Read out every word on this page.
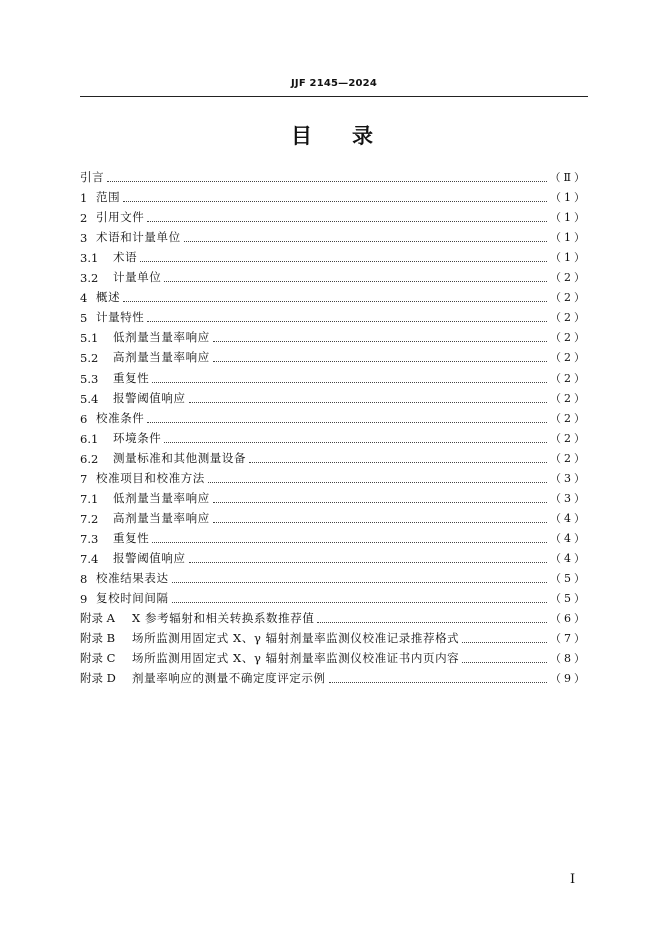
JJF 2145—2024
目 录
引言	（Ⅱ）
1 范围	（1）
2 引用文件	（1）
3 术语和计量单位	（1）
3.1	术语	（1）
3.2	计量单位	（2）
4 概述	（2）
5 计量特性	（2）
5.1	低剂量当量率响应	（2）
5.2	高剂量当量率响应	（2）
5.3	重复性	（2）
5.4	报警阈值响应	（2）
6 校准条件	（2）
6.1	环境条件	（2）
6.2	测量标准和其他测量设备	（2）
7 校准项目和校准方法	（3）
7.1	低剂量当量率响应	（3）
7.2	高剂量当量率响应	（4）
7.3	重复性	（4）
7.4	报警阈值响应	（4）
8 校准结果表达	（5）
9 复校时间间隔	（5）
附录 A	X 参考辐射和相关转换系数推荐值	（6）
附录 B	场所监测用固定式 X、γ 辐射剂量率监测仪校准记录推荐格式	（7）
附录 C	场所监测用固定式 X、γ 辐射剂量率监测仪校准证书内页内容	（8）
附录 D	剂量率响应的测量不确定度评定示例	（9）
Ⅰ
